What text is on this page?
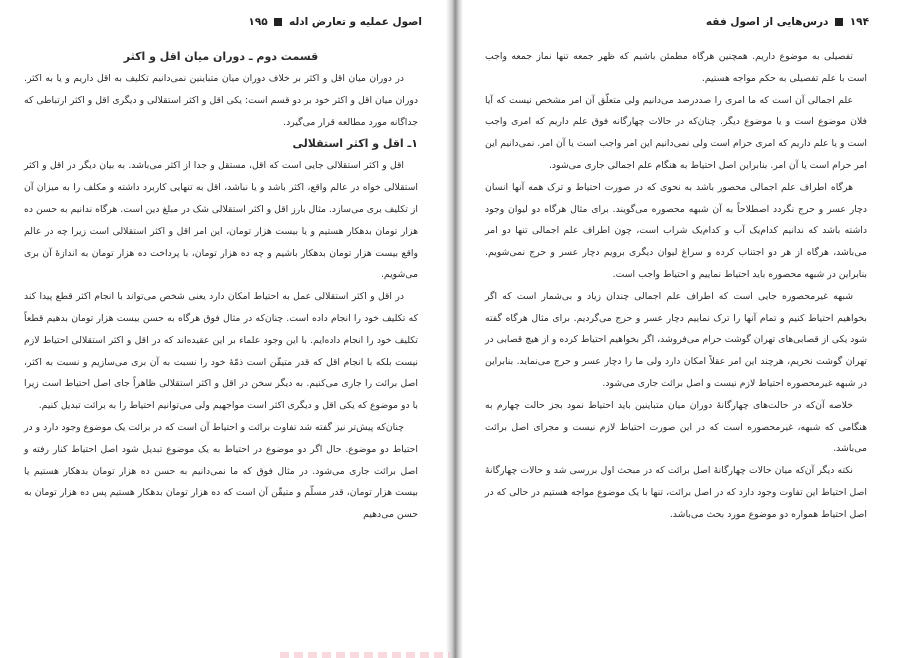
اصول عملیه و تعارض ادله  ۱۹۵
قسمت دوم ـ دوران میان اقل و اکثر

در دوران میان اقل و اکثر بر خلاف دوران میان متباینین نمی‌دانیم تکلیف به اقل داریم و یا به اکثر. دوران میان اقل و اکثر خود بر دو قسم است: یکی اقل و اکثر استقلالی و دیگری اقل و اکثر ارتباطی که جداگانه مورد مطالعه قرار می‌گیرد.

۱ـ اقل و اکثر استقلالی

اقل و اکثر استقلالی جایی است که اقل، مستقل و جدا از اکثر می‌باشد. به بیان دیگر در اقل و اکثر استقلالی خواه در عالم واقع، اکثر باشد و یا نباشد، اقل به تنهایی کاربرد داشته و مکلف را به میزان آن از تکلیف بری می‌سازد. مثال بارز اقل و اکثر استقلالی شک در مبلغ دین است. هرگاه ندانیم به حسن ده هزار تومان بدهکار هستیم و یا بیست هزار تومان، این امر اقل و اکثر استقلالی است زیرا چه در عالم واقع بیست هزار تومان بدهکار باشیم و چه ده هزار تومان، با پرداخت ده هزار تومان به اندازهٔ آن بری می‌شویم.

در اقل و اکثر استقلالی عمل به احتیاط امکان دارد یعنی شخص می‌تواند با انجام اکثر قطع پیدا کند که تکلیف خود را انجام داده است. چنان‌که در مثال فوق هرگاه به حسن بیست هزار تومان بدهیم قطعاً تکلیف خود را انجام داده‌ایم. با این وجود علماء بر این عقیده‌اند که در اقل و اکثر استقلالی احتیاط لازم نیست بلکه با انجام اقل که قدر متیقّن است ذمّهٔ خود را نسبت به آن بری می‌سازیم و نسبت به اکثر، اصل برائت را جاری می‌کنیم. به دیگر سخن در اقل و اکثر استقلالی ظاهراً جای اصل احتیاط است زیرا با دو موضوع که یکی اقل و دیگری اکثر است مواجهیم ولی می‌توانیم احتیاط را به برائت تبدیل کنیم.

چنان‌که پیش‌تر نیز گفته شد تفاوت برائت و احتیاط آن است که در برائت یک موضوع وجود دارد و در احتیاط دو موضوع. حال اگر دو موضوع در احتیاط به یک موضوع تبدیل شود اصل احتیاط کنار رفته و اصل برائت جاری می‌شود. در مثال فوق که ما نمی‌دانیم به حسن ده هزار تومان بدهکار هستیم یا بیست هزار تومان، قدر مسلّم و متیقّن آن است که ده هزار تومان بدهکار هستیم پس ده هزار تومان به حسن می‌دهیم

۱۹۴  درس‌هایی از اصول فقه

تفصیلی به موضوع داریم. همچنین هرگاه مطمئن باشیم که ظهر جمعه تنها نماز جمعه واجب است با علم تفصیلی به حکم مواجه هستیم.

علم اجمالی آن است که ما امری را صددرصد می‌دانیم ولی متعلّق آن امر مشخص نیست که آیا فلان موضوع است و یا موضوع دیگر. چنان‌که در حالات چهارگانه فوق علم داریم که امری واجب است و یا علم داریم که امری حرام است ولی نمی‌دانیم این امر واجب است یا آن امر. نمی‌دانیم این امر حرام است یا آن امر. بنابراین اصل احتیاط به هنگام علم اجمالی جاری می‌شود.

هرگاه اطراف علم اجمالی محصور باشد به نحوی که در صورت احتیاط و ترک همه آنها انسان دچار عسر و حرج نگردد اصطلاحاً به آن شبهه محصوره می‌گویند. برای مثال هرگاه دو لیوان وجود داشته باشد که ندانیم کدام‌یک آب و کدام‌یک شراب است، چون اطراف علم اجمالی تنها دو امر می‌باشد، هرگاه از هر دو اجتناب کرده و سراغ لیوان دیگری برویم دچار عسر و حرج نمی‌شویم. بنابراین در شبهه محصوره باید احتیاط نماییم و احتیاط واجب است.

شبهه غیرمحصوره جایی است که اطراف علم اجمالی چندان زیاد و بی‌شمار است که اگر بخواهیم احتیاط کنیم و تمام آنها را ترک نماییم دچار عسر و حرج می‌گردیم. برای مثال هرگاه گفته شود یکی از قصابی‌های تهران گوشت حرام می‌فروشد، اگر بخواهیم احتیاط کرده و از هیچ قصابی در تهران گوشت نخریم، هرچند این امر عقلاً امکان دارد ولی ما را دچار عسر و حرج می‌نماید. بنابراین در شبهه غیرمحصوره احتیاط لازم نیست و اصل برائت جاری می‌شود.

خلاصه آن‌که در حالت‌های چهارگانهٔ دوران میان متباینین باید احتیاط نمود بجز حالت چهارم به هنگامی که شبهه، غیرمحصوره است که در این صورت احتیاط لازم نیست و مجرای اصل برائت می‌باشد.

نکته دیگر آن‌که میان حالات چهارگانهٔ اصل برائت که در مبحث اول بررسی شد و حالات چهارگانهٔ اصل احتیاط این تفاوت وجود دارد که در اصل برائت، تنها با یک موضوع مواجه هستیم در حالی که در اصل احتیاط همواره دو موضوع مورد بحث می‌باشد.
